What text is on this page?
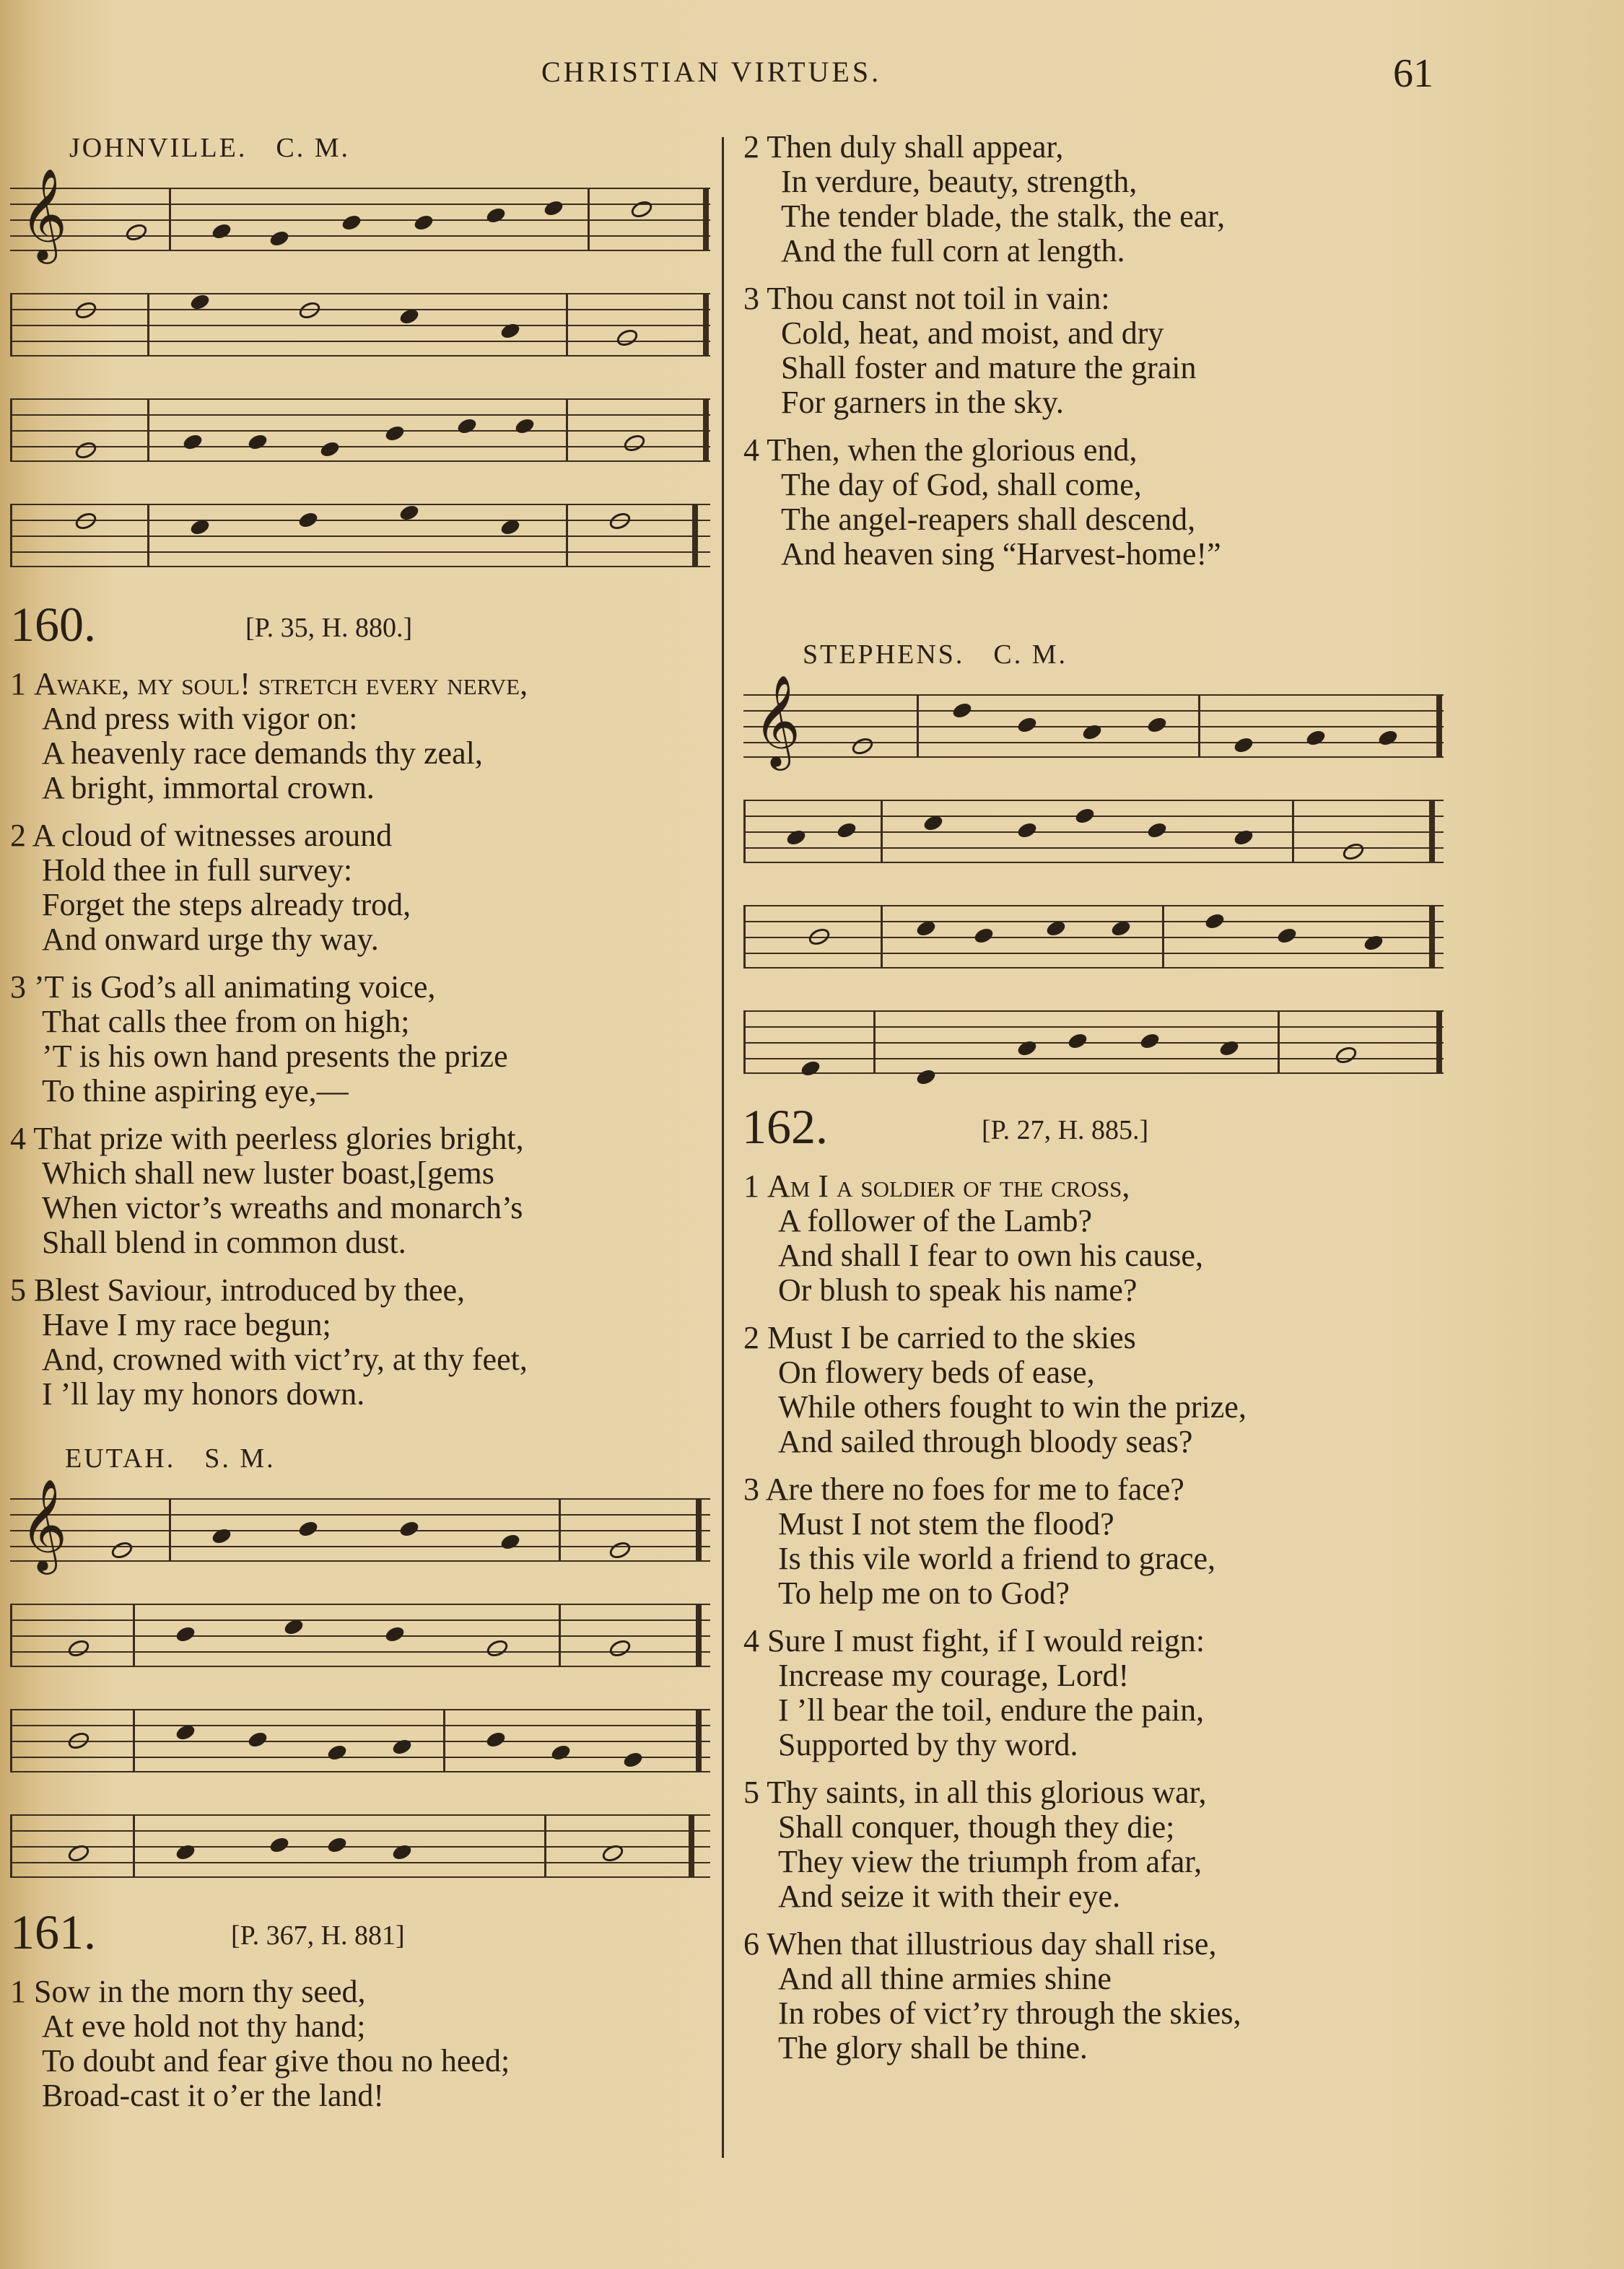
CHRISTIAN VIRTUES.	61
JOHNVILLE. C. M.
𝄞
160.	[P. 35, H. 880.]
1 Awake, my soul! stretch every nerve,
And press with vigor on:
A heavenly race demands thy zeal,
A bright, immortal crown.
2 A cloud of witnesses around
Hold thee in full survey:
Forget the steps already trod,
And onward urge thy way.
3 ’T is God’s all animating voice,
That calls thee from on high;
’T is his own hand presents the prize
To thine aspiring eye,—
4 That prize with peerless glories bright,
Which shall new luster boast,[gems
When victor’s wreaths and monarch’s
Shall blend in common dust.
5 Blest Saviour, introduced by thee,
Have I my race begun;
And, crowned with vict’ry, at thy feet,
I ’ll lay my honors down.
EUTAH. S. M.
𝄞
161.	[P. 367, H. 881]
1 Sow in the morn thy seed,
At eve hold not thy hand;
To doubt and fear give thou no heed;
Broad-cast it o’er the land!
2 Then duly shall appear,
In verdure, beauty, strength,
The tender blade, the stalk, the ear,
And the full corn at length.
3 Thou canst not toil in vain:
Cold, heat, and moist, and dry
Shall foster and mature the grain
For garners in the sky.
4 Then, when the glorious end,
The day of God, shall come,
The angel-reapers shall descend,
And heaven sing “Harvest-home!”
STEPHENS. C. M.
𝄞
162.	[P. 27, H. 885.]
1 Am I a soldier of the cross,
A follower of the Lamb?
And shall I fear to own his cause,
Or blush to speak his name?
2 Must I be carried to the skies
On flowery beds of ease,
While others fought to win the prize,
And sailed through bloody seas?
3 Are there no foes for me to face?
Must I not stem the flood?
Is this vile world a friend to grace,
To help me on to God?
4 Sure I must fight, if I would reign:
Increase my courage, Lord!
I ’ll bear the toil, endure the pain,
Supported by thy word.
5 Thy saints, in all this glorious war,
Shall conquer, though they die;
They view the triumph from afar,
And seize it with their eye.
6 When that illustrious day shall rise,
And all thine armies shine
In robes of vict’ry through the skies,
The glory shall be thine.
